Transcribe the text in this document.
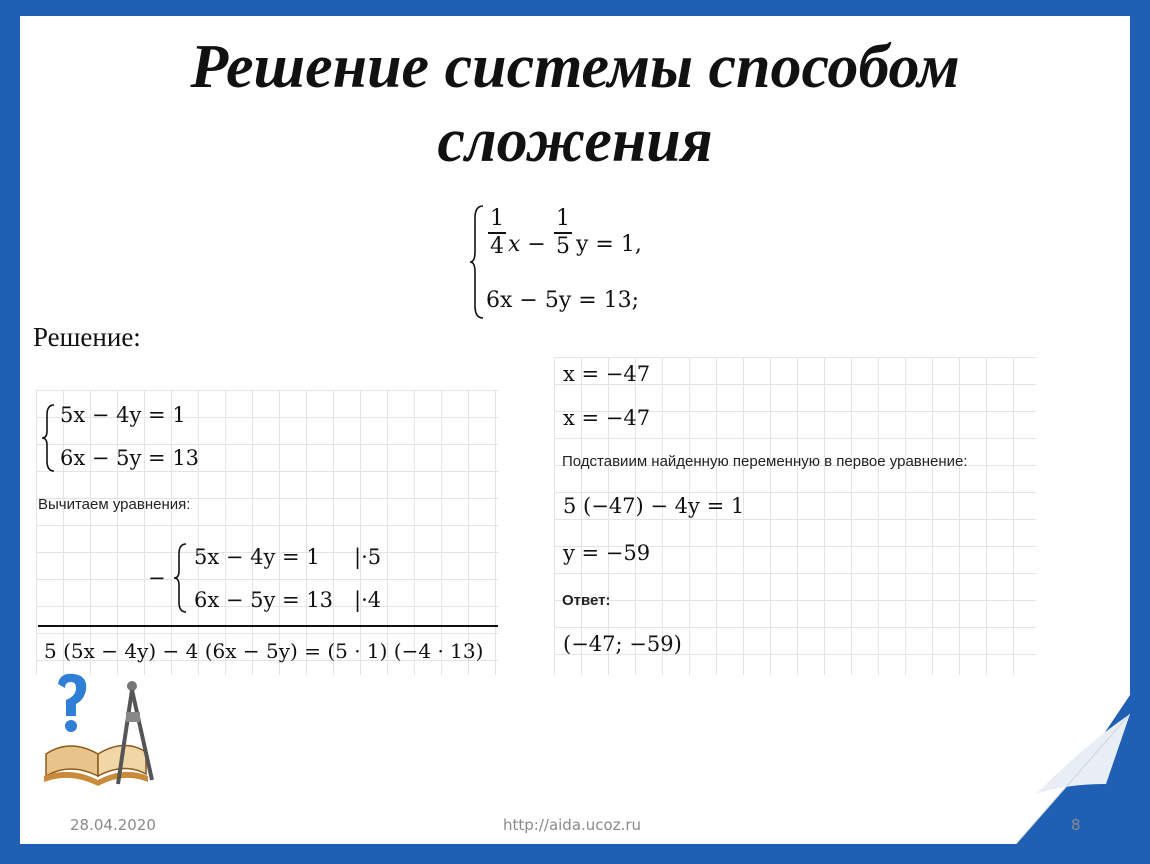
Решение системы способом
сложения
$\frac{1}{4}$ $x - \frac{1}{5}$ y = 1,
6x − 5y = 13;
Решение:
5x − 4y = 1
6x − 5y = 13
Вычитаем уравнения:
−
5x − 4y = 1 |·5
6x − 5y = 13 |·4
5 (5x − 4y) − 4 (6x − 5y) = (5 · 1) (−4 · 13)
x = −47
x = −47
Подставиим найденную переменную в первое уравнение:
5 (−47) − 4y = 1
y = −59
Ответ:
(−47; −59)
28.04.2020	http://aida.ucoz.ru	8
